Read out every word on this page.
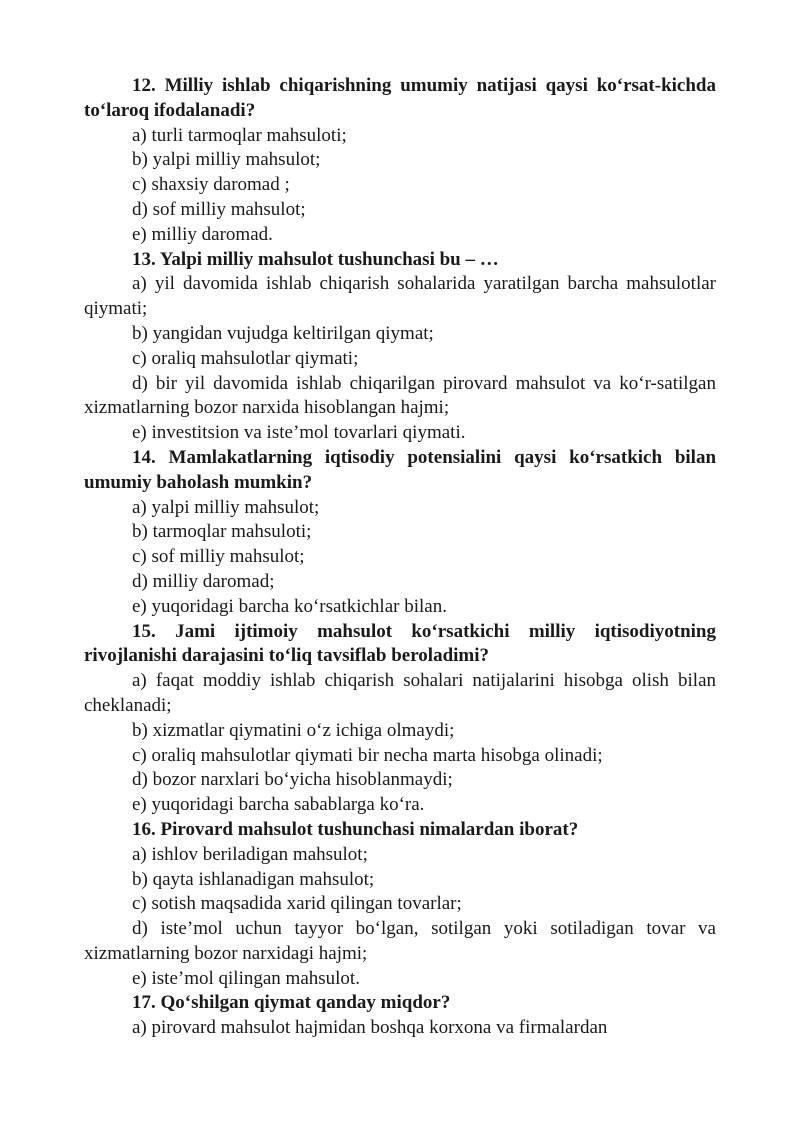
12. Milliy ishlab chiqarishning umumiy natijasi qaysi ko‘rsat-kichda to‘laroq ifodalanadi?

a) turli tarmoqlar mahsuloti;

b) yalpi milliy mahsulot;

c) shaxsiy daromad ;

d) sof milliy mahsulot;

e) milliy daromad.

13. Yalpi milliy mahsulot tushunchasi bu – …

a) yil davomida ishlab chiqarish sohalarida yaratilgan barcha mahsulotlar qiymati;

b) yangidan vujudga keltirilgan qiymat;

c) oraliq mahsulotlar qiymati;

d) bir yil davomida ishlab chiqarilgan pirovard mahsulot va ko‘r-satilgan xizmatlarning bozor narxida hisoblangan hajmi;

e) investitsion va iste’mol tovarlari qiymati.

14. Mamlakatlarning iqtisodiy potensialini qaysi ko‘rsatkich bilan umumiy baholash mumkin?

a) yalpi milliy mahsulot;

b) tarmoqlar mahsuloti;

c) sof milliy mahsulot;

d) milliy daromad;

e) yuqoridagi barcha ko‘rsatkichlar bilan.

15. Jami ijtimoiy mahsulot ko‘rsatkichi milliy iqtisodiyotning rivojlanishi darajasini to‘liq tavsiflab beroladimi?

a) faqat moddiy ishlab chiqarish sohalari natijalarini hisobga olish bilan cheklanadi;

b) xizmatlar qiymatini o‘z ichiga olmaydi;

c) oraliq mahsulotlar qiymati bir necha marta hisobga olinadi;

d) bozor narxlari bo‘yicha hisoblanmaydi;

e) yuqoridagi barcha sabablarga ko‘ra.

16. Pirovard mahsulot tushunchasi nimalardan iborat?

a) ishlov beriladigan mahsulot;

b) qayta ishlanadigan mahsulot;

c) sotish maqsadida xarid qilingan tovarlar;

d) iste’mol uchun tayyor bo‘lgan, sotilgan yoki sotiladigan tovar va xizmatlarning bozor narxidagi hajmi;

e) iste’mol qilingan mahsulot.

17. Qo‘shilgan qiymat qanday miqdor?

a) pirovard mahsulot hajmidan boshqa korxona va firmalardan
